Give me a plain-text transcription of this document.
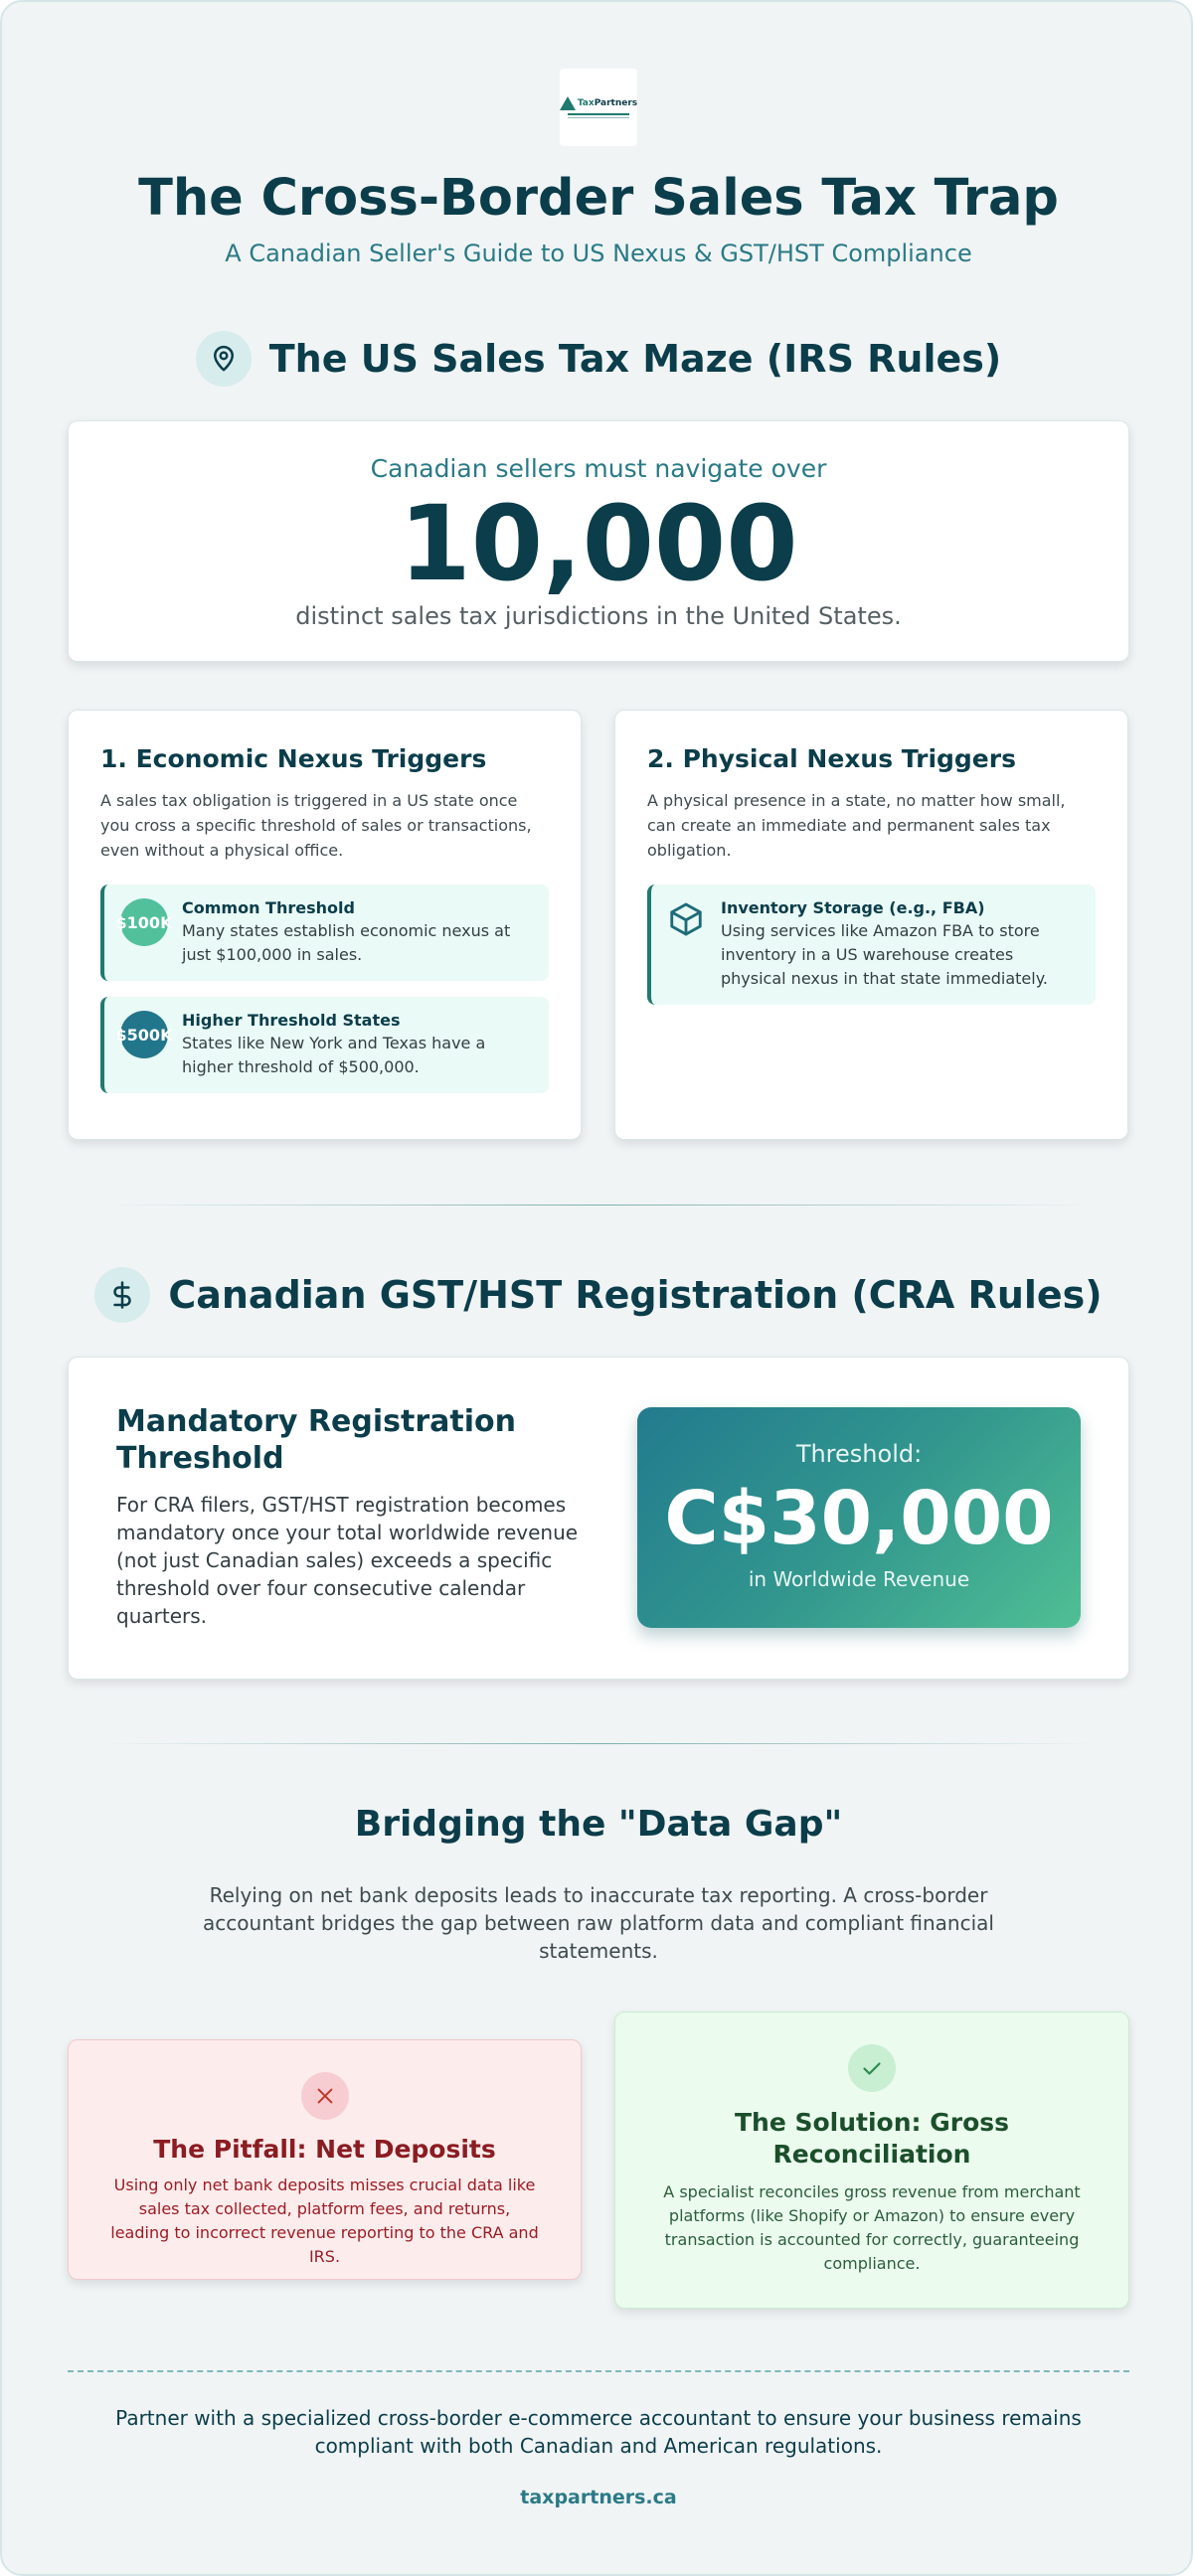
TaxPartners
The Cross-Border Sales Tax Trap
A Canadian Seller's Guide to US Nexus & GST/HST Compliance
The US Sales Tax Maze (IRS Rules)
Canadian sellers must navigate over
10,000
distinct sales tax jurisdictions in the United States.
1. Economic Nexus Triggers

A sales tax obligation is triggered in a US state once you cross a specific threshold of sales or transactions, even without a physical office.

$100K
Common Threshold
Many states establish economic nexus at just $100,000 in sales.
$500K
Higher Threshold States
States like New York and Texas have a higher threshold of $500,000.
2. Physical Nexus Triggers

A physical presence in a state, no matter how small, can create an immediate and permanent sales tax obligation.

Inventory Storage (e.g., FBA)
Using services like Amazon FBA to store inventory in a US warehouse creates physical nexus in that state immediately.
Canadian GST/HST Registration (CRA Rules)
Mandatory Registration Threshold

For CRA filers, GST/HST registration becomes mandatory once your total worldwide revenue (not just Canadian sales) exceeds a specific threshold over four consecutive calendar quarters.

Threshold:
C$30,000
in Worldwide Revenue
Bridging the "Data Gap"

Relying on net bank deposits leads to inaccurate tax reporting. A cross-border accountant bridges the gap between raw platform data and compliant financial statements.

The Pitfall: Net Deposits

Using only net bank deposits misses crucial data like sales tax collected, platform fees, and returns, leading to incorrect revenue reporting to the CRA and IRS.

The Solution: Gross Reconciliation

A specialist reconciles gross revenue from merchant platforms (like Shopify or Amazon) to ensure every transaction is accounted for correctly, guaranteeing compliance.

Partner with a specialized cross-border e-commerce accountant to ensure your business remains compliant with both Canadian and American regulations.

taxpartners.ca
